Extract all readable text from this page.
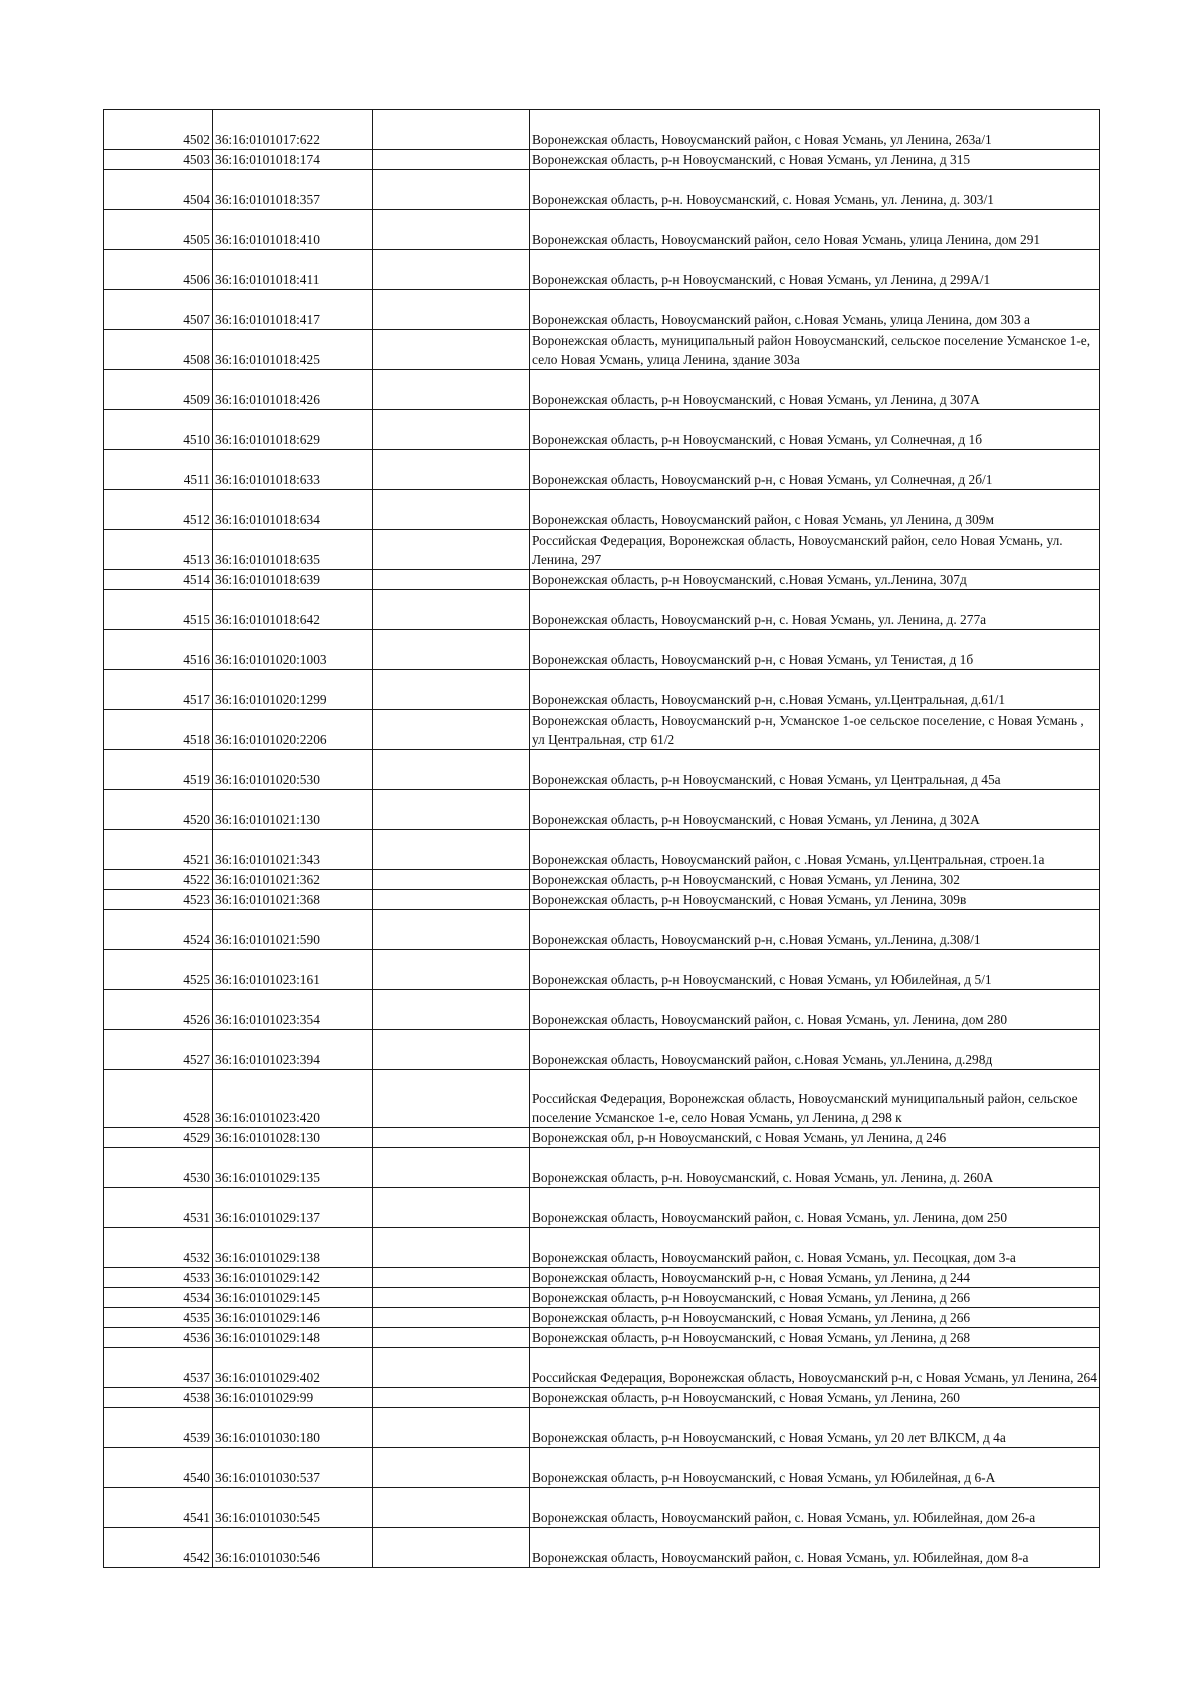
4502	36:16:0101017:622		Воронежская область, Новоусманский район, с Новая Усмань, ул Ленина, 263а/1
4503	36:16:0101018:174		Воронежская область, р-н Новоусманский, с Новая Усмань, ул Ленина, д 315
4504	36:16:0101018:357		Воронежская область, р-н. Новоусманский, с. Новая Усмань, ул. Ленина, д. 303/1
4505	36:16:0101018:410		Воронежская область, Новоусманский район, село Новая Усмань, улица Ленина, дом 291
4506	36:16:0101018:411		Воронежская область, р-н Новоусманский, с Новая Усмань, ул Ленина, д 299А/1
4507	36:16:0101018:417		Воронежская область, Новоусманский район, с.Новая Усмань, улица Ленина, дом 303 а
4508	36:16:0101018:425		Воронежская область, муниципальный район Новоусманский, сельское поселение Усманское 1-е, село Новая Усмань, улица Ленина, здание 303а
4509	36:16:0101018:426		Воронежская область, р-н Новоусманский, с Новая Усмань, ул Ленина, д 307А
4510	36:16:0101018:629		Воронежская область, р-н Новоусманский, с Новая Усмань, ул Солнечная, д 1б
4511	36:16:0101018:633		Воронежская область, Новоусманский р-н, с Новая Усмань, ул Солнечная, д 2б/1
4512	36:16:0101018:634		Воронежская область, Новоусманский район, с Новая Усмань, ул Ленина, д 309м
4513	36:16:0101018:635		Российская Федерация, Воронежская область, Новоусманский район, село Новая Усмань, ул. Ленина, 297
4514	36:16:0101018:639		Воронежская область, р-н Новоусманский, с.Новая Усмань, ул.Ленина, 307д
4515	36:16:0101018:642		Воронежская область, Новоусманский р-н, с. Новая Усмань, ул. Ленина, д. 277а
4516	36:16:0101020:1003		Воронежская область, Новоусманский р-н, с Новая Усмань, ул Тенистая, д 1б
4517	36:16:0101020:1299		Воронежская область, Новоусманский р-н, с.Новая Усмань, ул.Центральная, д.61/1
4518	36:16:0101020:2206		Воронежская область, Новоусманский р-н, Усманское 1-ое сельское поселение, с Новая Усмань , ул Центральная, стр 61/2
4519	36:16:0101020:530		Воронежская область, р-н Новоусманский, с Новая Усмань, ул Центральная, д 45а
4520	36:16:0101021:130		Воронежская область, р-н Новоусманский, с Новая Усмань, ул Ленина, д 302А
4521	36:16:0101021:343		Воронежская область, Новоусманский район, с .Новая Усмань, ул.Центральная, строен.1а
4522	36:16:0101021:362		Воронежская область, р-н Новоусманский, с Новая Усмань, ул Ленина, 302
4523	36:16:0101021:368		Воронежская область, р-н Новоусманский, с Новая Усмань, ул Ленина, 309в
4524	36:16:0101021:590		Воронежская область, Новоусманский р-н, с.Новая Усмань, ул.Ленина, д.308/1
4525	36:16:0101023:161		Воронежская область, р-н Новоусманский, с Новая Усмань, ул Юбилейная, д 5/1
4526	36:16:0101023:354		Воронежская область, Новоусманский район, с. Новая Усмань, ул. Ленина, дом 280
4527	36:16:0101023:394		Воронежская область, Новоусманский район, с.Новая Усмань, ул.Ленина, д.298д
4528	36:16:0101023:420		Российская Федерация, Воронежская область, Новоусманский муниципальный район, сельское поселение Усманское 1-е, село Новая Усмань, ул Ленина, д 298 к
4529	36:16:0101028:130		Воронежская обл, р-н Новоусманский, с Новая Усмань, ул Ленина, д 246
4530	36:16:0101029:135		Воронежская область, р-н. Новоусманский, с. Новая Усмань, ул. Ленина, д. 260А
4531	36:16:0101029:137		Воронежская область, Новоусманский район, с. Новая Усмань, ул. Ленина, дом 250
4532	36:16:0101029:138		Воронежская область, Новоусманский район, с. Новая Усмань, ул. Песоцкая, дом 3-а
4533	36:16:0101029:142		Воронежская область, Новоусманский р-н, с Новая Усмань, ул Ленина, д 244
4534	36:16:0101029:145		Воронежская область, р-н Новоусманский, с Новая Усмань, ул Ленина, д 266
4535	36:16:0101029:146		Воронежская область, р-н Новоусманский, с Новая Усмань, ул Ленина, д 266
4536	36:16:0101029:148		Воронежская область, р-н Новоусманский, с Новая Усмань, ул Ленина, д 268
4537	36:16:0101029:402		Российская Федерация, Воронежская область, Новоусманский р-н, с Новая Усмань, ул Ленина, 264
4538	36:16:0101029:99		Воронежская область, р-н Новоусманский, с Новая Усмань, ул Ленина, 260
4539	36:16:0101030:180		Воронежская область, р-н Новоусманский, с Новая Усмань, ул 20 лет ВЛКСМ, д 4а
4540	36:16:0101030:537		Воронежская область, р-н Новоусманский, с Новая Усмань, ул Юбилейная, д 6-А
4541	36:16:0101030:545		Воронежская область, Новоусманский район, с. Новая Усмань, ул. Юбилейная, дом 26-а
4542	36:16:0101030:546		Воронежская область, Новоусманский район, с. Новая Усмань, ул. Юбилейная, дом 8-а
